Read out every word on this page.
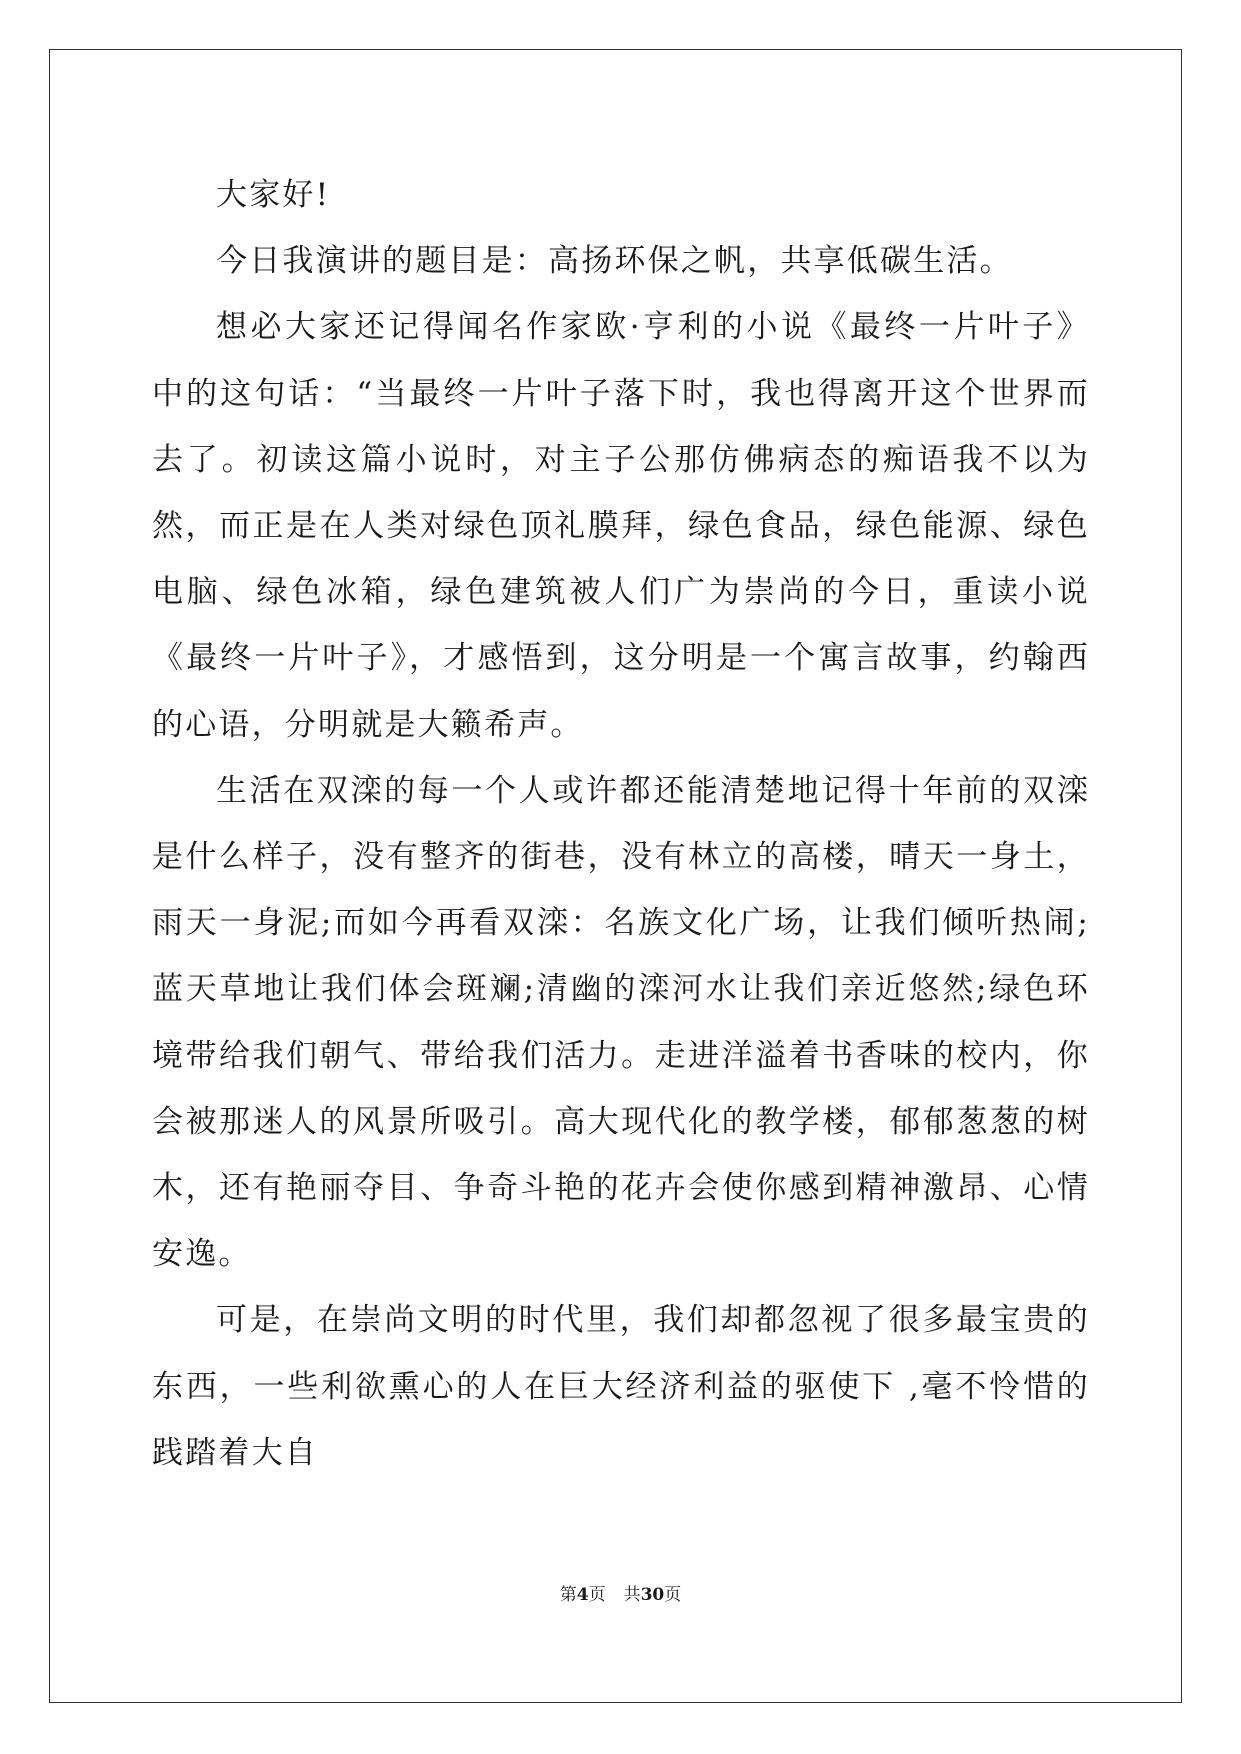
大家好!

今日我演讲的题目是：高扬环保之帆，共享低碳生活。

想必大家还记得闻名作家欧·亨利的小说《最终一片叶子》中的这句话：“当最终一片叶子落下时，我也得离开这个世界而去了。初读这篇小说时，对主子公那仿佛病态的痴语我不以为然，而正是在人类对绿色顶礼膜拜，绿色食品，绿色能源、绿色电脑、绿色冰箱，绿色建筑被人们广为崇尚的今日，重读小说《最终一片叶子》，才感悟到，这分明是一个寓言故事，约翰西的心语，分明就是大籁希声。

生活在双滦的每一个人或许都还能清楚地记得十年前的双滦是什么样子，没有整齐的街巷，没有林立的高楼，晴天一身土，雨天一身泥;而如今再看双滦：名族文化广场，让我们倾听热闹;蓝天草地让我们体会斑斓;清幽的滦河水让我们亲近悠然;绿色环境带给我们朝气、带给我们活力。走进洋溢着书香味的校内，你会被那迷人的风景所吸引。高大现代化的教学楼，郁郁葱葱的树木，还有艳丽夺目、争奇斗艳的花卉会使你感到精神激昂、心情安逸。

可是，在崇尚文明的时代里，我们却都忽视了很多最宝贵的东西，一些利欲熏心的人在巨大经济利益的驱使下 ,毫不怜惜的践踏着大自

第4页 共30页
